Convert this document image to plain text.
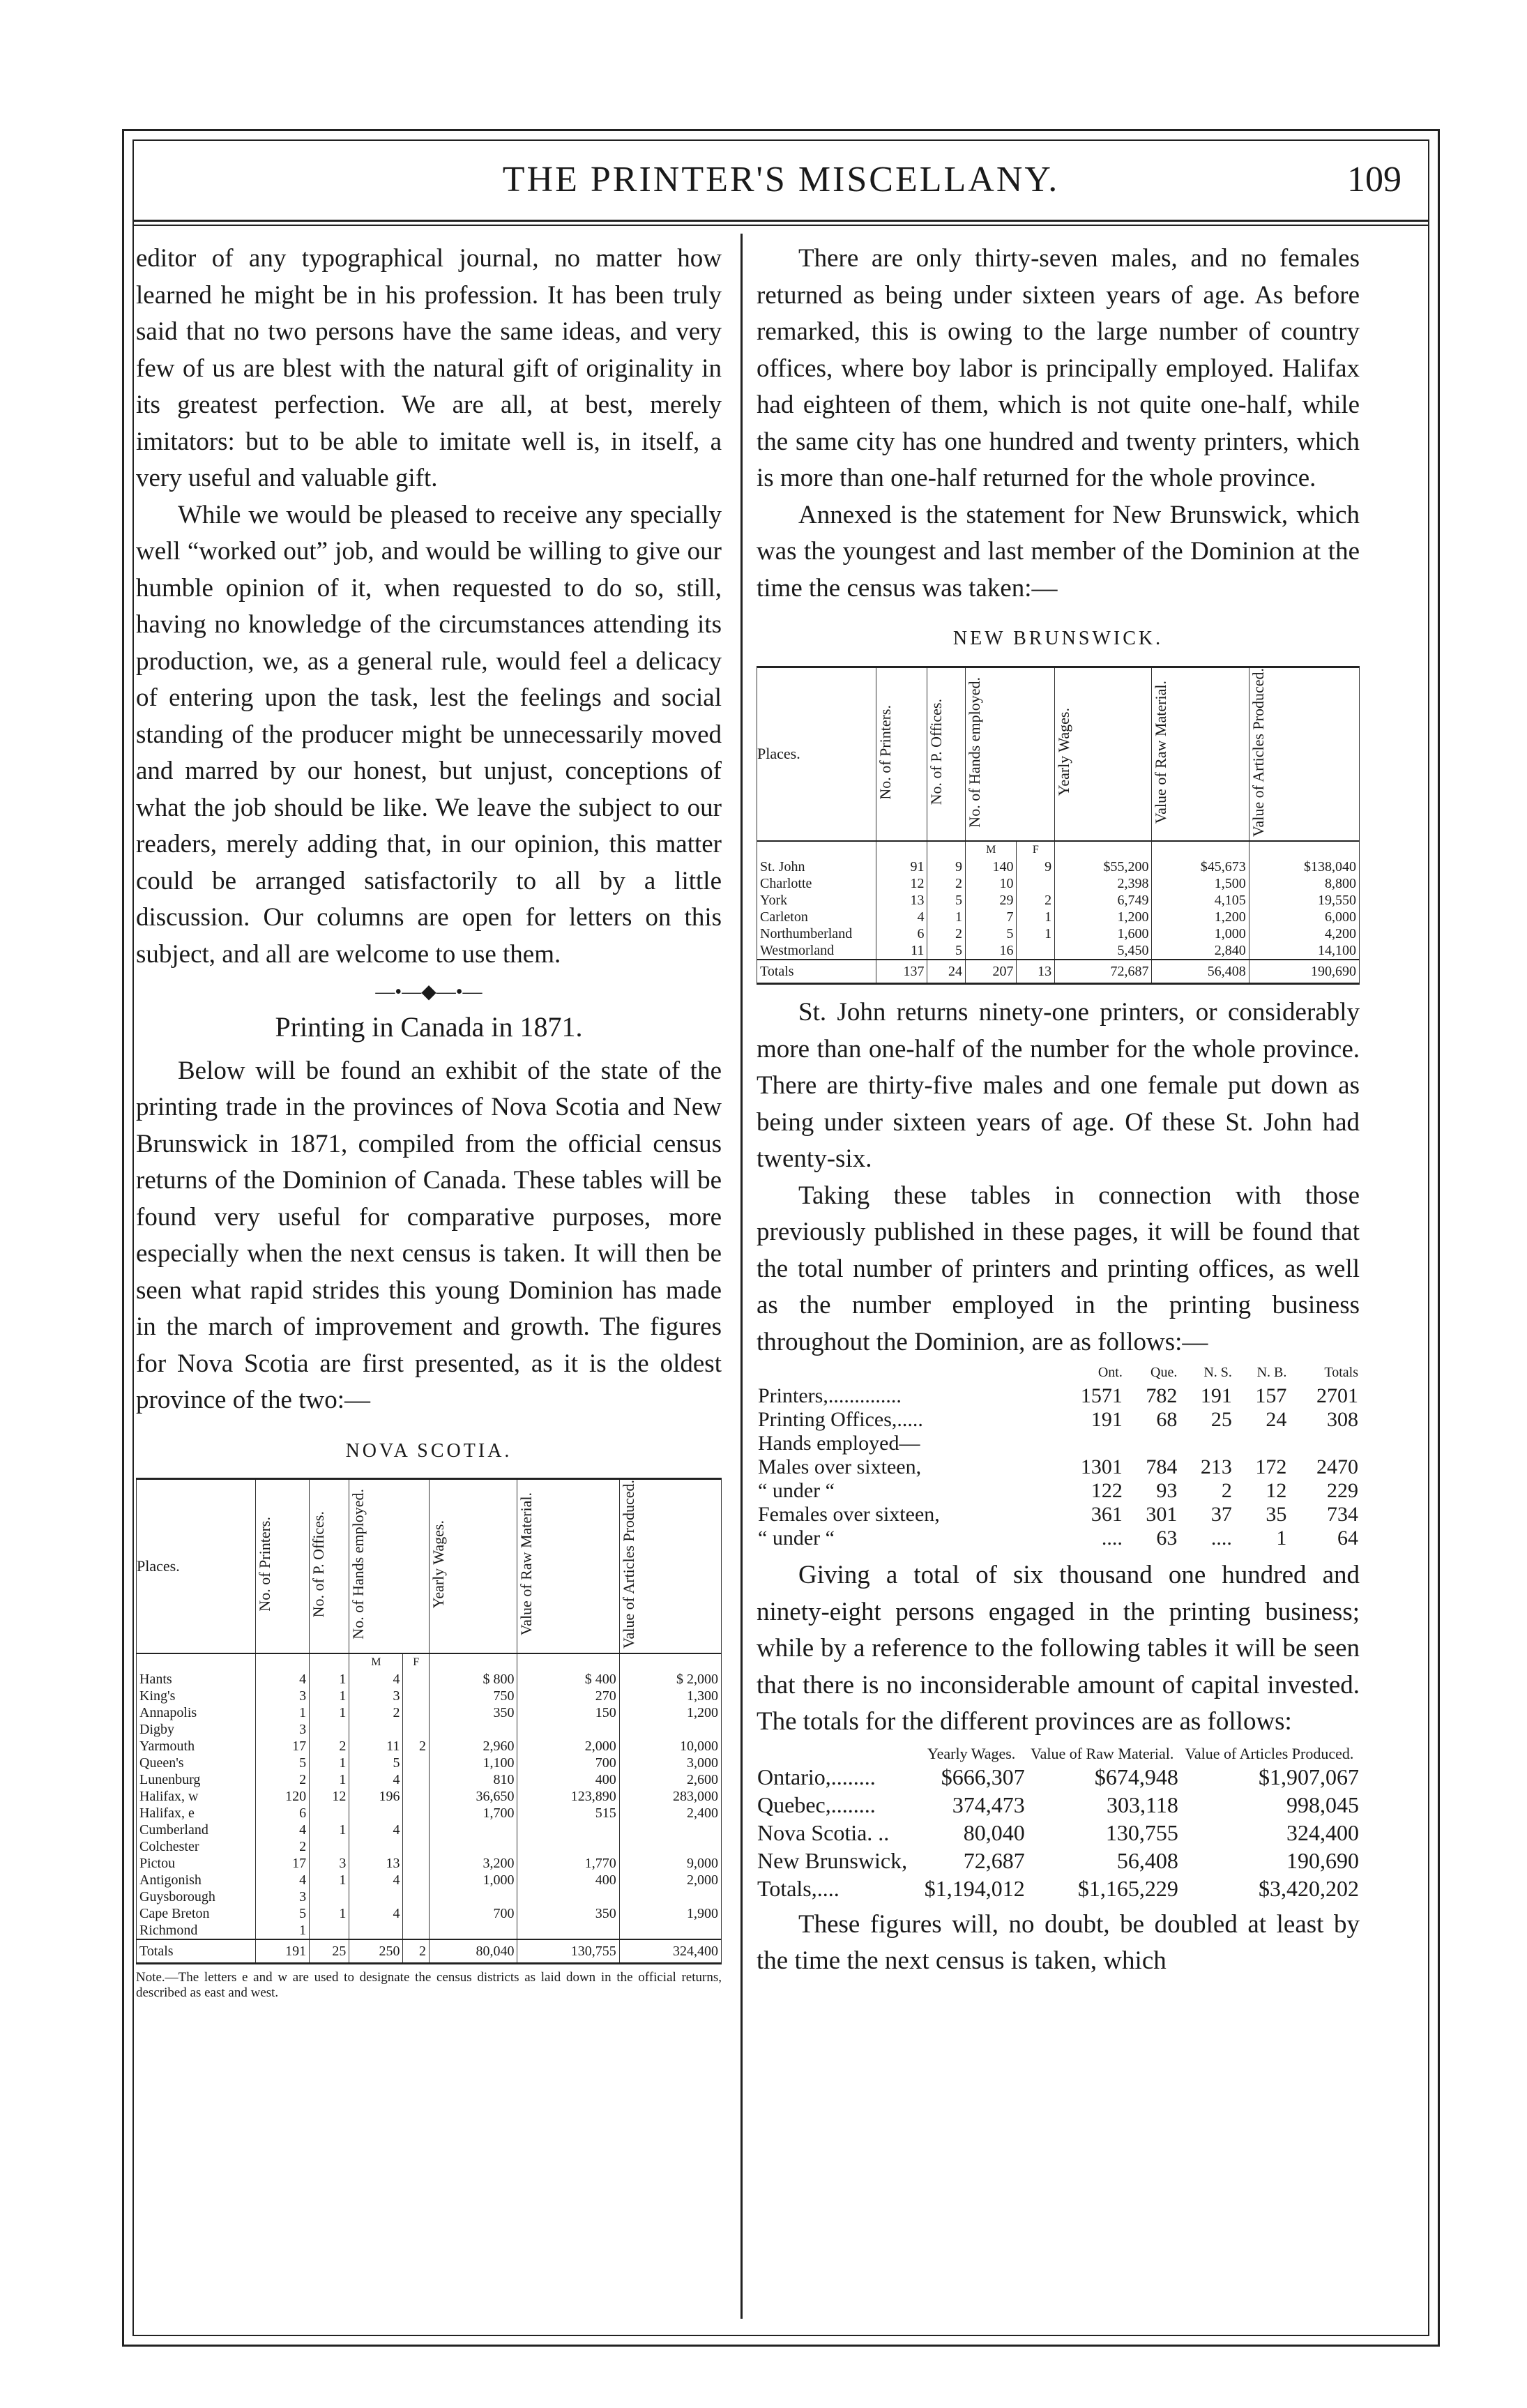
THE PRINTER'S MISCELLANY.	109

editor of any typographical journal, no matter how learned he might be in his profession. It has been truly said that no two persons have the same ideas, and very few of us are blest with the natural gift of originality in its greatest perfection. We are all, at best, merely imitators: but to be able to imitate well is, in itself, a very useful and valuable gift.

While we would be pleased to receive any specially well “worked out” job, and would be willing to give our humble opinion of it, when requested to do so, still, having no knowledge of the circumstances attending its production, we, as a general rule, would feel a delicacy of entering upon the task, lest the feelings and social standing of the producer might be unnecessarily moved and marred by our honest, but unjust, conceptions of what the job should be like. We leave the subject to our readers, merely adding that, in our opinion, this matter could be arranged satisfactorily to all by a little discussion. Our columns are open for letters on this subject, and all are welcome to use them.

—•—◆—•—
Printing in Canada in 1871.

Below will be found an exhibit of the state of the printing trade in the provinces of Nova Scotia and New Brunswick in 1871, compiled from the official census returns of the Dominion of Canada. These tables will be found very useful for comparative purposes, more especially when the next census is taken. It will then be seen what rapid strides this young Dominion has made in the march of improvement and growth. The figures for Nova Scotia are first presented, as it is the oldest province of the two:—

NOVA SCOTIA.
Places.	No. of Printers.	No. of P. Offices.	No. of Hands employed.		Yearly Wages.	Value of Raw Material.	Value of Articles Produced.
			M	F			
Hants	4	1	4		$ 800	$ 400	$ 2,000
King's	3	1	3		750	270	1,300
Annapolis	1	1	2		350	150	1,200
Digby	3						
Yarmouth	17	2	11	2	2,960	2,000	10,000
Queen's	5	1	5		1,100	700	3,000
Lunenburg	2	1	4		810	400	2,600
Halifax, w	120	12	196		36,650	123,890	283,000
Halifax, e	6				1,700	515	2,400
Cumberland	4	1	4				
Colchester	2						
Pictou	17	3	13		3,200	1,770	9,000
Antigonish	4	1	4		1,000	400	2,000
Guysborough	3						
Cape Breton	5	1	4		700	350	1,900
Richmond	1						
Totals	191	25	250	2	80,040	130,755	324,400
Note.—The letters e and w are used to designate the census districts as laid down in the official returns, described as east and west.

There are only thirty-seven males, and no females returned as being under sixteen years of age. As before remarked, this is owing to the large number of country offices, where boy labor is principally employed. Halifax had eighteen of them, which is not quite one-half, while the same city has one hundred and twenty printers, which is more than one-half returned for the whole province.

Annexed is the statement for New Brunswick, which was the youngest and last member of the Dominion at the time the census was taken:—

NEW BRUNSWICK.
Places.	No. of Printers.	No. of P. Offices.	No. of Hands employed.		Yearly Wages.	Value of Raw Material.	Value of Articles Produced.
			M	F			
St. John	91	9	140	9	$55,200	$45,673	$138,040
Charlotte	12	2	10		2,398	1,500	8,800
York	13	5	29	2	6,749	4,105	19,550
Carleton	4	1	7	1	1,200	1,200	6,000
Northumberland	6	2	5	1	1,600	1,000	4,200
Westmorland	11	5	16		5,450	2,840	14,100
Totals	137	24	207	13	72,687	56,408	190,690

St. John returns ninety-one printers, or considerably more than one-half of the number for the whole province. There are thirty-five males and one female put down as being under sixteen years of age. Of these St. John had twenty-six.

Taking these tables in connection with those previously published in these pages, it will be found that the total number of printers and printing offices, as well as the number employed in the printing business throughout the Dominion, are as follows:—

	Ont.	Que.	N. S.	N. B.	Totals
Printers,..............	1571	782	191	157	2701
Printing Offices,.....	191	68	25	24	308
Hands employed—					
Males over sixteen,	1301	784	213	172	2470
“ under “	122	93	2	12	229
Females over sixteen,	361	301	37	35	734
“ under “	....	63	....	1	64

Giving a total of six thousand one hundred and ninety-eight persons engaged in the printing business; while by a reference to the following tables it will be seen that there is no inconsiderable amount of capital invested. The totals for the different provinces are as follows:

	Yearly Wages.	Value of Raw Material.	Value of Articles Produced.
Ontario,........	$666,307	$674,948	$1,907,067
Quebec,........	374,473	303,118	998,045
Nova Scotia. ..	80,040	130,755	324,400
New Brunswick,	72,687	56,408	190,690
Totals,....	$1,194,012	$1,165,229	$3,420,202

These figures will, no doubt, be doubled at least by the time the next census is taken, which
